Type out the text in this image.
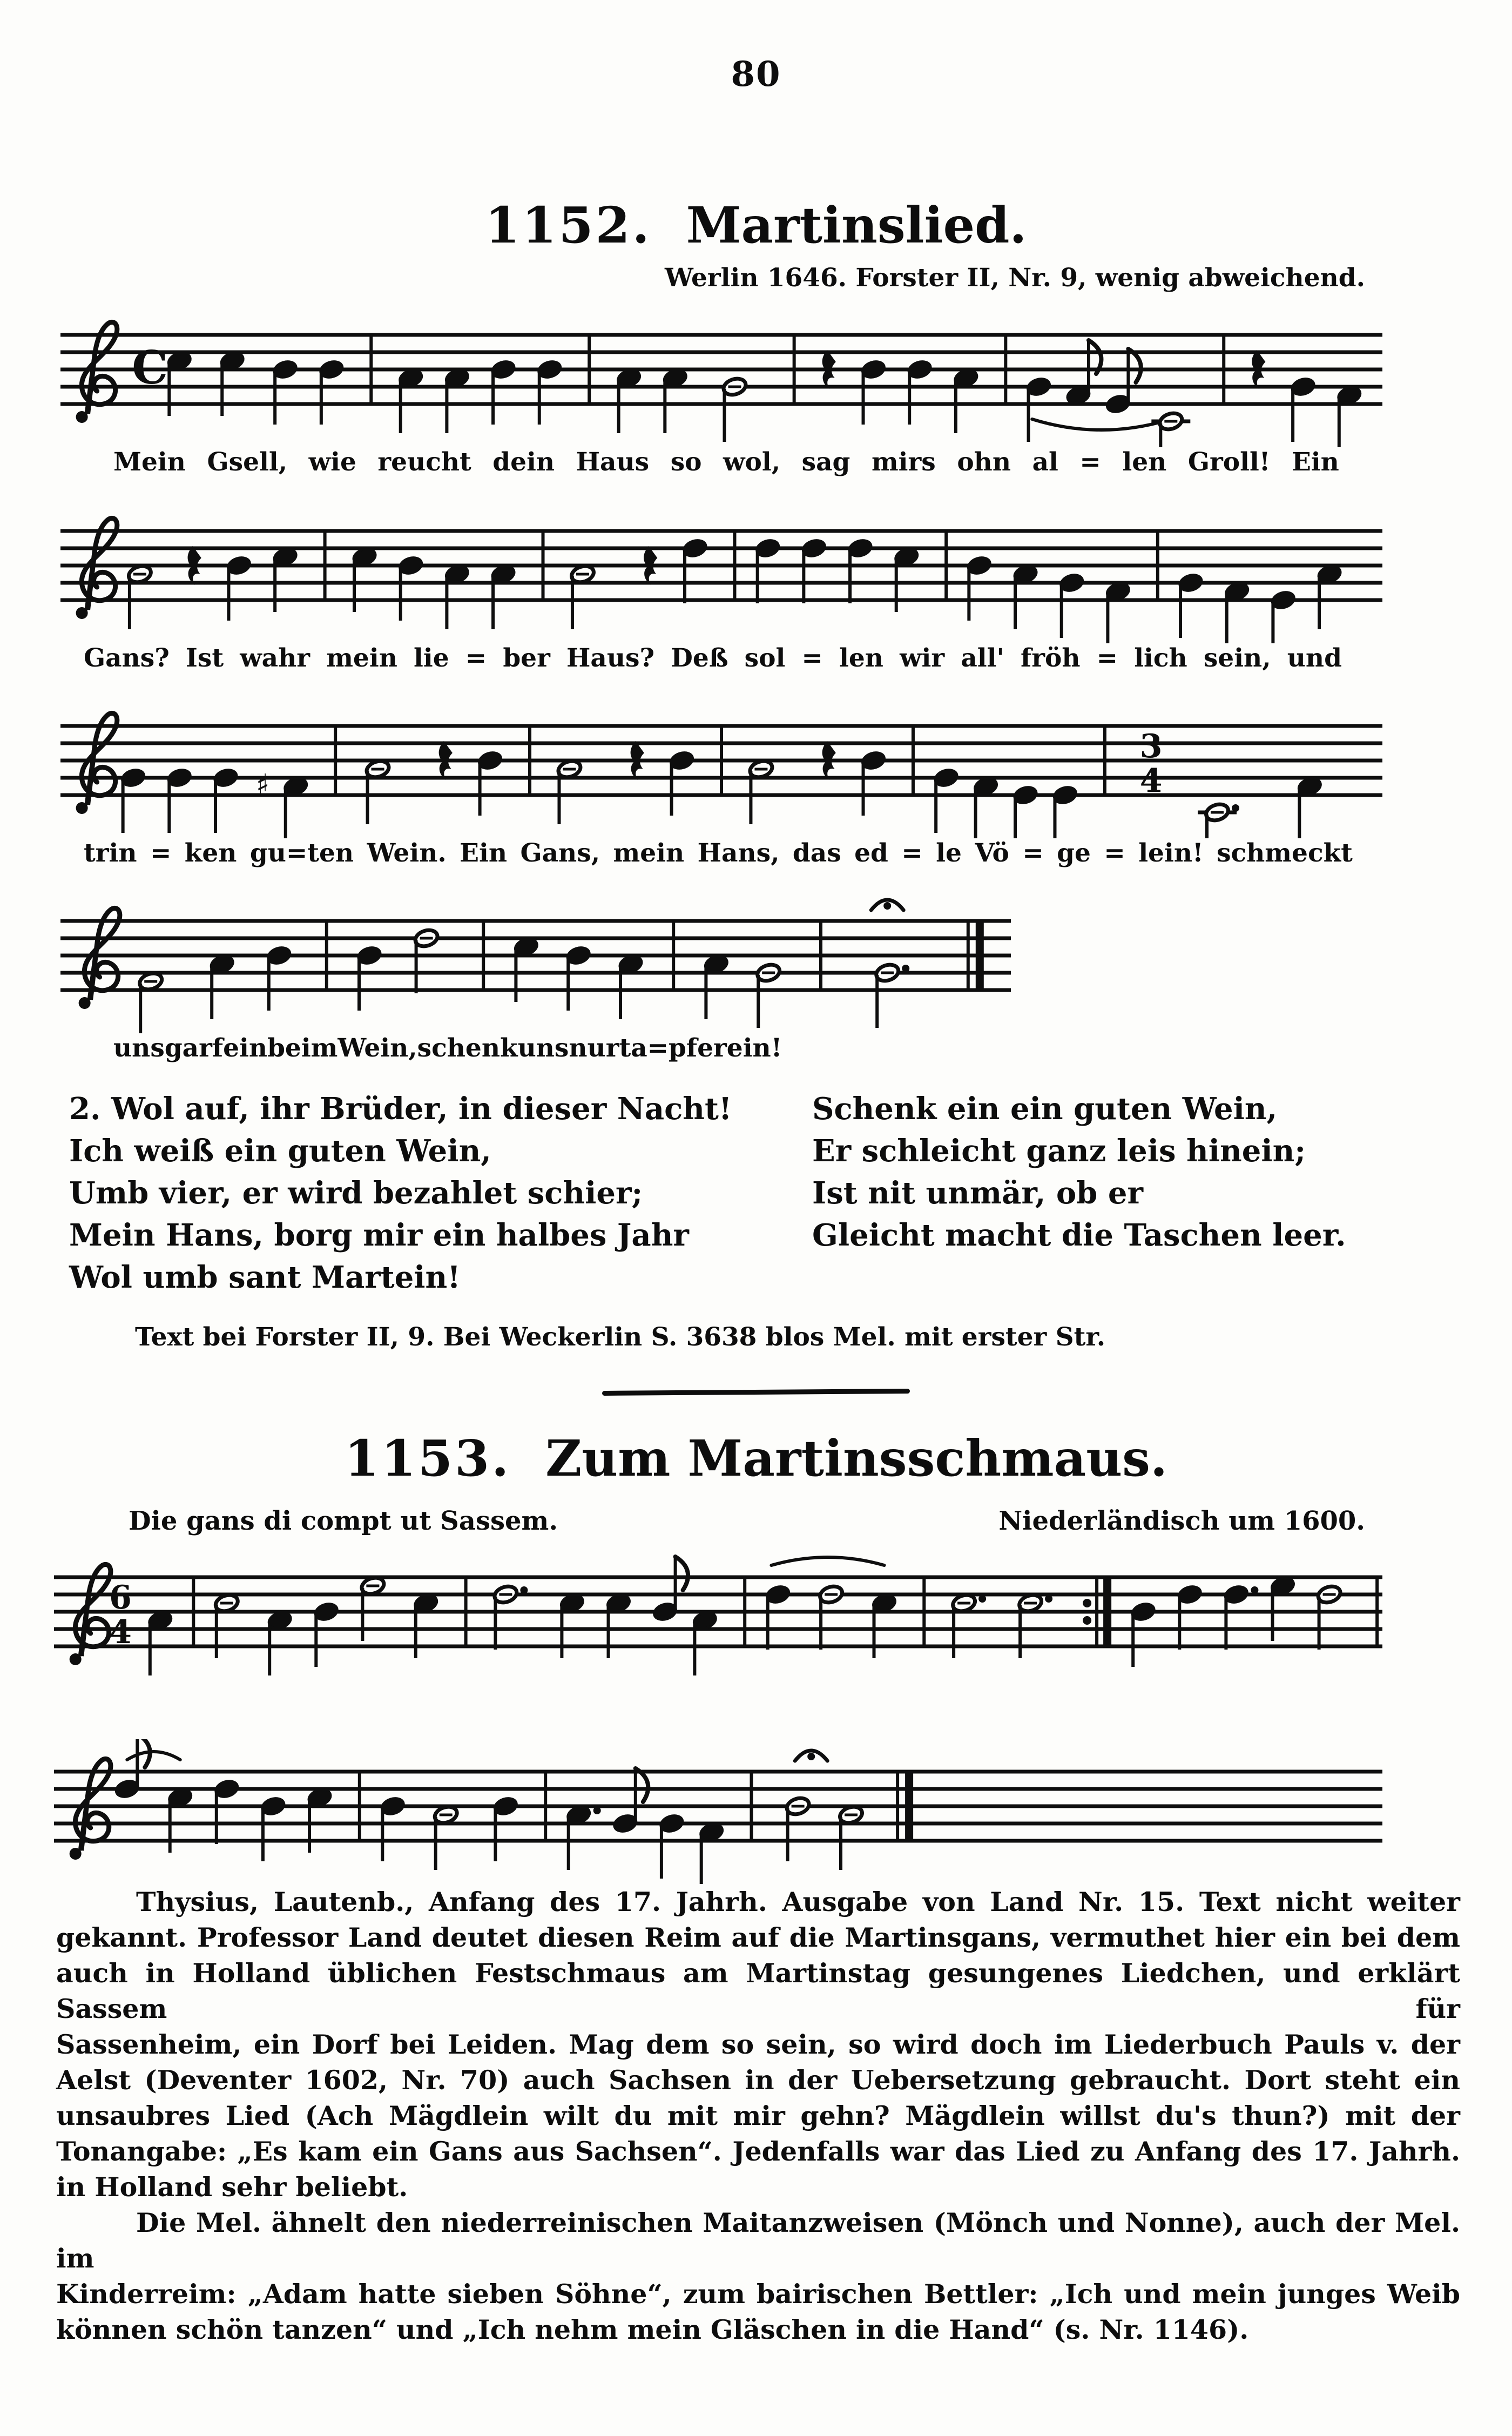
80
1152. Martinslied.
Werlin 1646. Forster II, Nr. 9, wenig abweichend.
C
Mein Gsell, wie reucht dein Haus so wol, sag mirs ohn al = len Groll! Ein
Gans? Ist wahr mein lie = ber Haus? Deß sol = len wir all' fröh = lich sein, und
♯
3
4
trin = ken gu=ten Wein. Ein Gans, mein Hans, das ed = le Vö = ge = lein! schmeckt
uns gar fein beim Wein, schenk uns nur ta = pfer ein!
2. Wol auf, ihr Brüder, in dieser Nacht!
Ich weiß ein guten Wein,
Umb vier, er wird bezahlet schier;
Mein Hans, borg mir ein halbes Jahr
Wol umb sant Martein!
Schenk ein ein guten Wein,
Er schleicht ganz leis hinein;
Ist nit unmär, ob er
Gleicht macht die Taschen leer.
Text bei Forster II, 9. Bei Weckerlin S. 3638 blos Mel. mit erster Str.
1153. Zum Martinsschmaus.
Die gans di compt ut Sassem.	Niederländisch um 1600.
6
4
Thysius, Lautenb., Anfang des 17. Jahrh. Ausgabe von Land Nr. 15. Text nicht weiter
gekannt. Professor Land deutet diesen Reim auf die Martinsgans, vermuthet hier ein bei dem
auch in Holland üblichen Festschmaus am Martinstag gesungenes Liedchen, und erklärt Sassem für
Sassenheim, ein Dorf bei Leiden. Mag dem so sein, so wird doch im Liederbuch Pauls v. der
Aelst (Deventer 1602, Nr. 70) auch Sachsen in der Uebersetzung gebraucht. Dort steht ein
unsaubres Lied (Ach Mägdlein wilt du mit mir gehn? Mägdlein willst du's thun?) mit der
Tonangabe: „Es kam ein Gans aus Sachsen“. Jedenfalls war das Lied zu Anfang des 17. Jahrh.
in Holland sehr beliebt.
Die Mel. ähnelt den niederreinischen Maitanzweisen (Mönch und Nonne), auch der Mel. im
Kinderreim: „Adam hatte sieben Söhne“, zum bairischen Bettler: „Ich und mein junges Weib
können schön tanzen“ und „Ich nehm mein Gläschen in die Hand“ (s. Nr. 1146).
